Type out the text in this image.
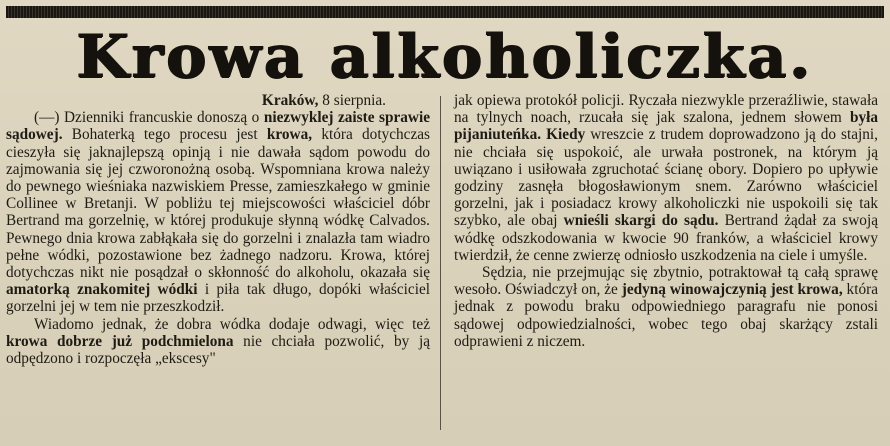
Krowa alkoholiczka.

Kraków, 8 sierpnia.

(—) Dzienniki francuskie donoszą o niezwyklej zaiste sprawie sądowej. Bohaterką tego procesu jest krowa, która dotychczas cieszyła się jaknajlepszą opinją i nie dawała sądom powodu do zajmowania się jej czworonożną osobą. Wspomniana krowa należy do pewnego wieśniaka nazwiskiem Presse, zamieszkałego w gminie Collinee w Bretanji. W pobliżu tej miejscowości właściciel dóbr Bertrand ma gorzelnię, w której produkuje słynną wódkę Calvados. Pewnego dnia krowa zabłąkała się do gorzelni i znalazła tam wiadro pełne wódki, pozostawione bez żadnego nadzoru. Krowa, której dotychczas nikt nie posądzał o skłonność do alkoholu, okazała się amatorką znakomitej wódki i piła tak długo, dopóki właściciel gorzelni jej w tem nie przeszkodził.

Wiadomo jednak, że dobra wódka dodaje odwagi, więc też krowa dobrze już podchmielona nie chciała pozwolić, by ją odpędzono i rozpoczęła „ekscesy"

jak opiewa protokół policji. Ryczała niezwykle przeraźliwie, stawała na tylnych noach, rzucała się jak szalona, jednem słowem była pijaniuteńka. Kiedy wreszcie z trudem doprowadzono ją do stajni, nie chciała się uspokoić, ale urwała postronek, na którym ją uwiązano i usiłowała zgruchotać ścianę obory. Dopiero po upływie godziny zasnęła błogosławionym snem. Zarówno właściciel gorzelni, jak i posiadacz krowy alkoholiczki nie uspokoili się tak szybko, ale obaj wnieśli skargi do sądu. Bertrand żądał za swoją wódkę odszkodowania w kwocie 90 franków, a właściciel krowy twierdził, że cenne zwierzę odniosło uszkodzenia na ciele i umyśle.

Sędzia, nie przejmując się zbytnio, potraktował tą całą sprawę wesoło. Oświadczył on, że jedyną winowajczynią jest krowa, która jednak z powodu braku odpowiedniego paragrafu nie ponosi sądowej odpowiedzialności, wobec tego obaj skarżący zstali odprawieni z niczem.
